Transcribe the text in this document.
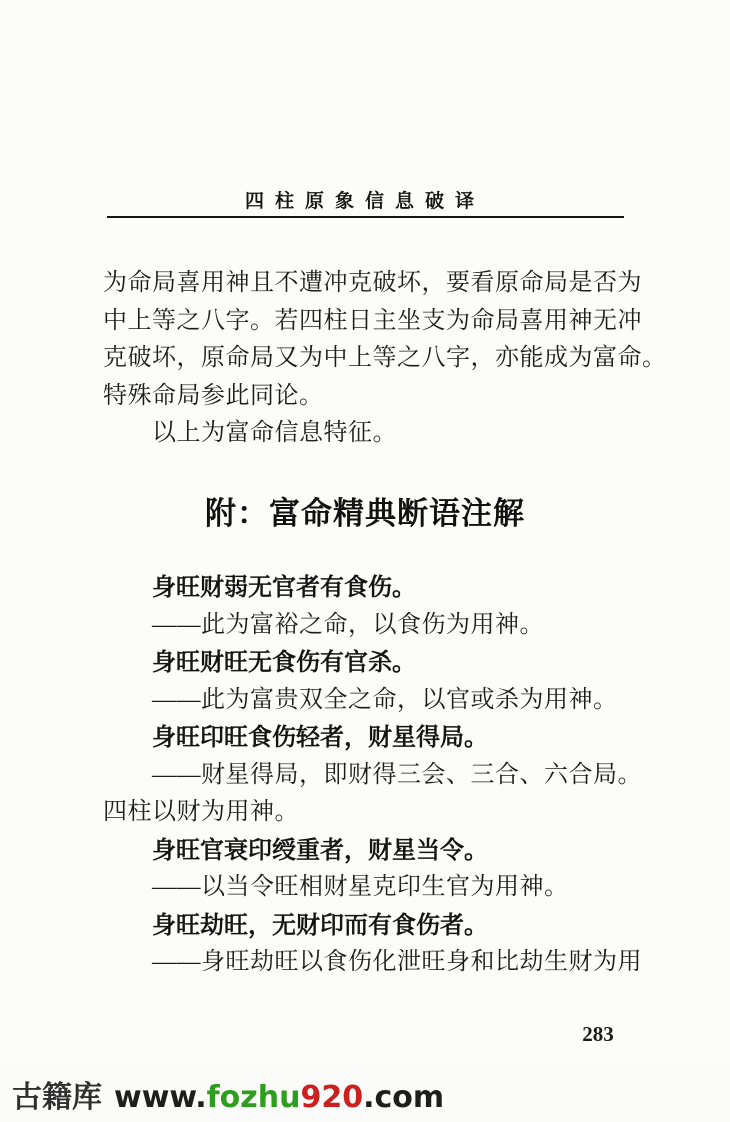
四柱原象信息破译
为命局喜用神且不遭冲克破坏，要看原命局是否为
中上等之八字。若四柱日主坐支为命局喜用神无冲
克破坏，原命局又为中上等之八字，亦能成为富命。
特殊命局参此同论。
以上为富命信息特征。
附：富命精典断语注解
身旺财弱无官者有食伤。
——此为富裕之命，以食伤为用神。
身旺财旺无食伤有官杀。
——此为富贵双全之命，以官或杀为用神。
身旺印旺食伤轻者，财星得局。
——财星得局，即财得三会、三合、六合局。
四柱以财为用神。
身旺官衰印绶重者，财星当令。
——以当令旺相财星克印生官为用神。
身旺劫旺，无财印而有食伤者。
——身旺劫旺以食伤化泄旺身和比劫生财为用
283
古籍库 www.fozhu920.com
